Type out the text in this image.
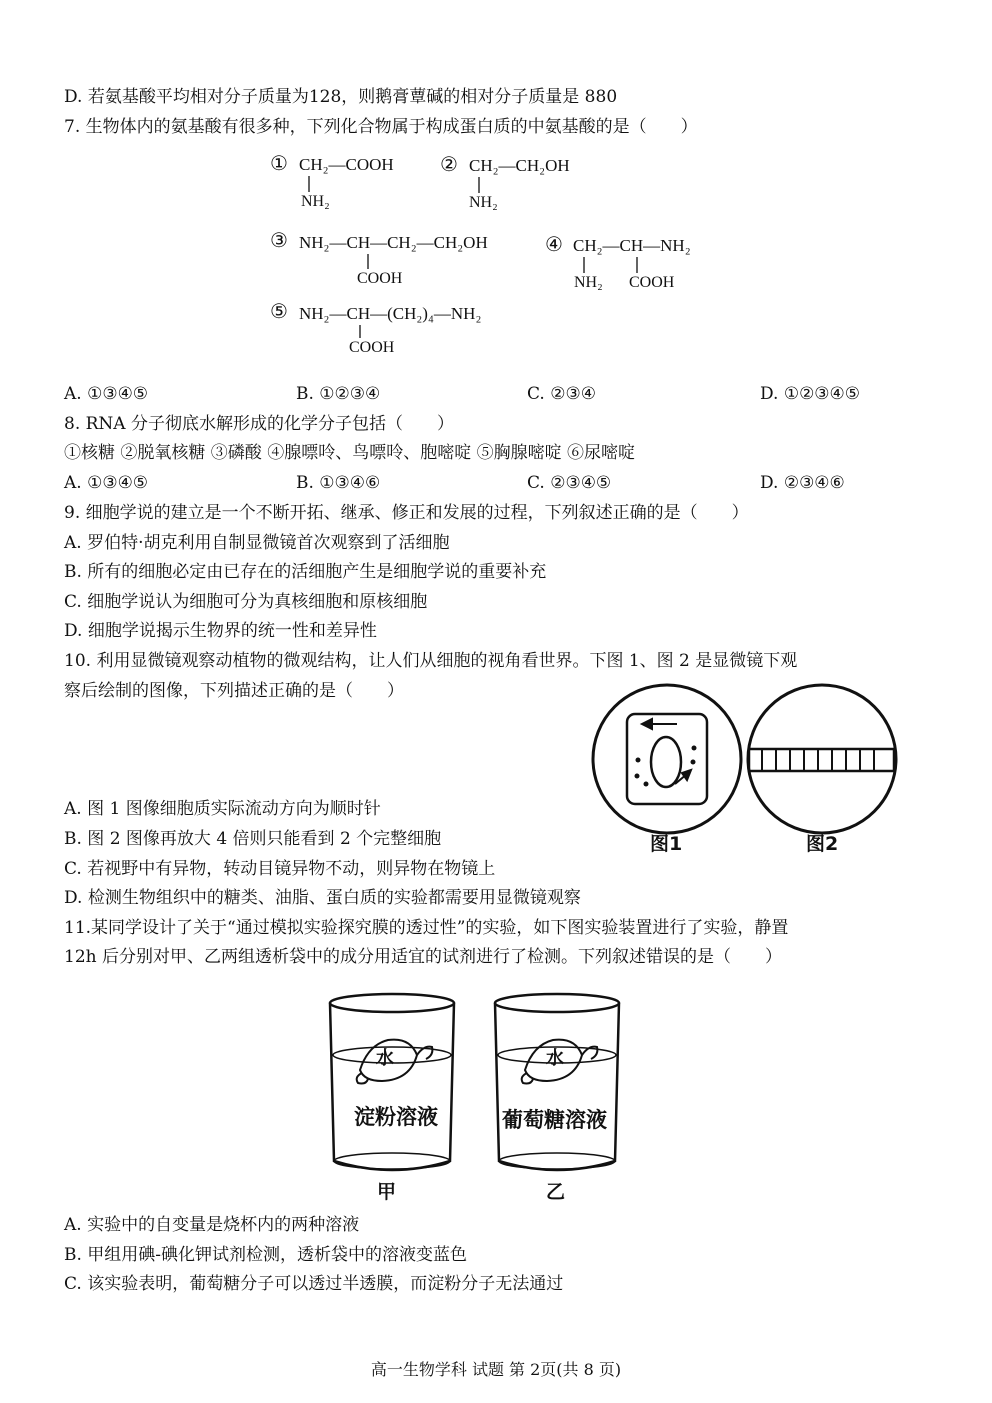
D. 若氨基酸平均相对分子质量为128，则鹅膏蕈碱的相对分子质量是 880
7. 生物体内的氨基酸有很多种，下列化合物属于构成蛋白质的中氨基酸的是（　　）
① CH₂—COOH
NH₂
② CH₂—CH₂OH
NH₂
③ NH₂—CH—CH₂—CH₂OH
COOH
④ CH₂—CH—NH₂
NH₂ COOH
⑤ NH₂—CH—(CH₂)₄—NH₂
COOH
A. ①③④⑤	B. ①②③④	C. ②③④	D. ①②③④⑤
8. RNA 分子彻底水解形成的化学分子包括（　　）
①核糖 ②脱氧核糖 ③磷酸 ④腺嘌呤、鸟嘌呤、胞嘧啶 ⑤胸腺嘧啶 ⑥尿嘧啶
A. ①③④⑤	B. ①③④⑥	C. ②③④⑤	D. ②③④⑥
9. 细胞学说的建立是一个不断开拓、继承、修正和发展的过程，下列叙述正确的是（　　）
A. 罗伯特·胡克利用自制显微镜首次观察到了活细胞
B. 所有的细胞必定由已存在的活细胞产生是细胞学说的重要补充
C. 细胞学说认为细胞可分为真核细胞和原核细胞
D. 细胞学说揭示生物界的统一性和差异性
10. 利用显微镜观察动植物的微观结构，让人们从细胞的视角看世界。下图 1、图 2 是显微镜下观
察后绘制的图像，下列描述正确的是（　　）
图1	图2
A. 图 1 图像细胞质实际流动方向为顺时针
B. 图 2 图像再放大 4 倍则只能看到 2 个完整细胞
C. 若视野中有异物，转动目镜异物不动，则异物在物镜上
D. 检测生物组织中的糖类、油脂、蛋白质的实验都需要用显微镜观察
11.某同学设计了关于“通过模拟实验探究膜的透过性”的实验，如下图实验装置进行了实验，静置
12h 后分别对甲、乙两组透析袋中的成分用适宜的试剂进行了检测。下列叙述错误的是（　　）
水
淀粉溶液
甲
水
葡萄糖溶液
乙
A. 实验中的自变量是烧杯内的两种溶液
B. 甲组用碘-碘化钾试剂检测，透析袋中的溶液变蓝色
C. 该实验表明，葡萄糖分子可以透过半透膜，而淀粉分子无法通过
高一生物学科 试题 第 2页(共 8 页)
